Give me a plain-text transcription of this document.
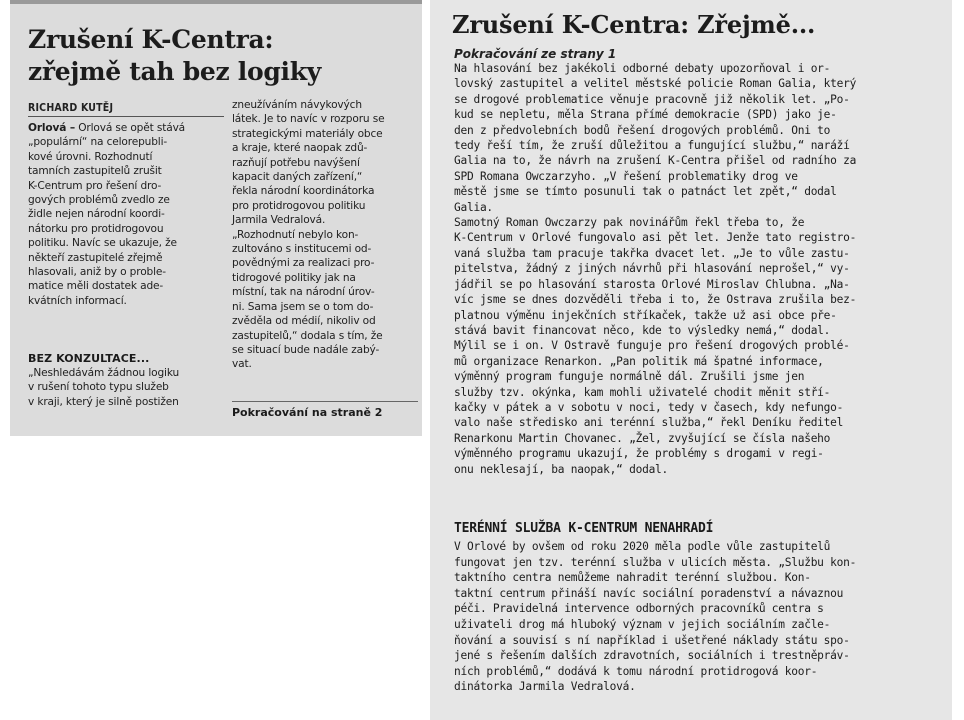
Zrušení K-Centra:
zřejmě tah bez logiky
RICHARD KUTĚJ
Orlová – Orlová se opět stává
„populární“ na celorepubli-
kové úrovni. Rozhodnutí
tamních zastupitelů zrušit
K-Centrum pro řešení dro-
gových problémů zvedlo ze
židle nejen národní koordi-
nátorku pro protidrogovou
politiku. Navíc se ukazuje, že
někteří zastupitelé zřejmě
hlasovali, aniž by o proble-
matice měli dostatek ade-
kvátních informací.
BEZ KONZULTACE...
„Neshledávám žádnou logiku
v rušení tohoto typu služeb
v kraji, který je silně postižen
zneužíváním návykových
látek. Je to navíc v rozporu se
strategickými materiály obce
a kraje, které naopak zdů-
razňují potřebu navýšení
kapacit daných zařízení,“
řekla národní koordinátorka
pro protidrogovou politiku
Jarmila Vedralová.
„Rozhodnutí nebylo kon-
zultováno s institucemi od-
povědnými za realizaci pro-
tidrogové politiky jak na
místní, tak na národní úrov-
ni. Sama jsem se o tom do-
zvěděla od médií, nikoliv od
zastupitelů,“ dodala s tím, že
se situací bude nadále zabý-
vat.
Pokračování na straně 2
Zrušení K-Centra: Zřejmě...
Pokračování ze strany 1
Na hlasování bez jakékoli odborné debaty upozorňoval i or-
lovský zastupitel a velitel městské policie Roman Galia, který
se drogové problematice věnuje pracovně již několik let. „Po-
kud se nepletu, měla Strana přímé demokracie (SPD) jako je-
den z předvolebních bodů řešení drogových problémů. Oni to
tedy řeší tím, že zruší důležitou a fungující službu,“ naráží
Galia na to, že návrh na zrušení K-Centra přišel od radního za
SPD Romana Owczarzyho. „V řešení problematiky drog ve
městě jsme se tímto posunuli tak o patnáct let zpět,“ dodal
Galia.
Samotný Roman Owczarzy pak novinářům řekl třeba to, že
K-Centrum v Orlové fungovalo asi pět let. Jenže tato registro-
vaná služba tam pracuje takřka dvacet let. „Je to vůle zastu-
pitelstva, žádný z jiných návrhů při hlasování neprošel,“ vy-
jádřil se po hlasování starosta Orlové Miroslav Chlubna. „Na-
víc jsme se dnes dozvěděli třeba i to, že Ostrava zrušila bez-
platnou výměnu injekčních stříkaček, takže už asi obce pře-
stává bavit financovat něco, kde to výsledky nemá,“ dodal.
Mýlil se i on. V Ostravě funguje pro řešení drogových problé-
mů organizace Renarkon. „Pan politik má špatné informace,
výměnný program funguje normálně dál. Zrušili jsme jen
služby tzv. okýnka, kam mohli uživatelé chodit měnit stří-
kačky v pátek a v sobotu v noci, tedy v časech, kdy nefungo-
valo naše středisko ani terénní služba,“ řekl Deníku ředitel
Renarkonu Martin Chovanec. „Žel, zvyšující se čísla našeho
výměnného programu ukazují, že problémy s drogami v regi-
onu neklesají, ba naopak,“ dodal.
TERÉNNÍ SLUŽBA K-CENTRUM NENAHRADÍ
V Orlové by ovšem od roku 2020 měla podle vůle zastupitelů
fungovat jen tzv. terénní služba v ulicích města. „Službu kon-
taktního centra nemůžeme nahradit terénní službou. Kon-
taktní centrum přináší navíc sociální poradenství a návaznou
péči. Pravidelná intervence odborných pracovníků centra s
uživateli drog má hluboký význam v jejich sociálním začle-
ňování a souvisí s ní například i ušetřené náklady státu spo-
jené s řešením dalších zdravotních, sociálních i trestněpráv-
ních problémů,“ dodává k tomu národní protidrogová koor-
dinátorka Jarmila Vedralová.
